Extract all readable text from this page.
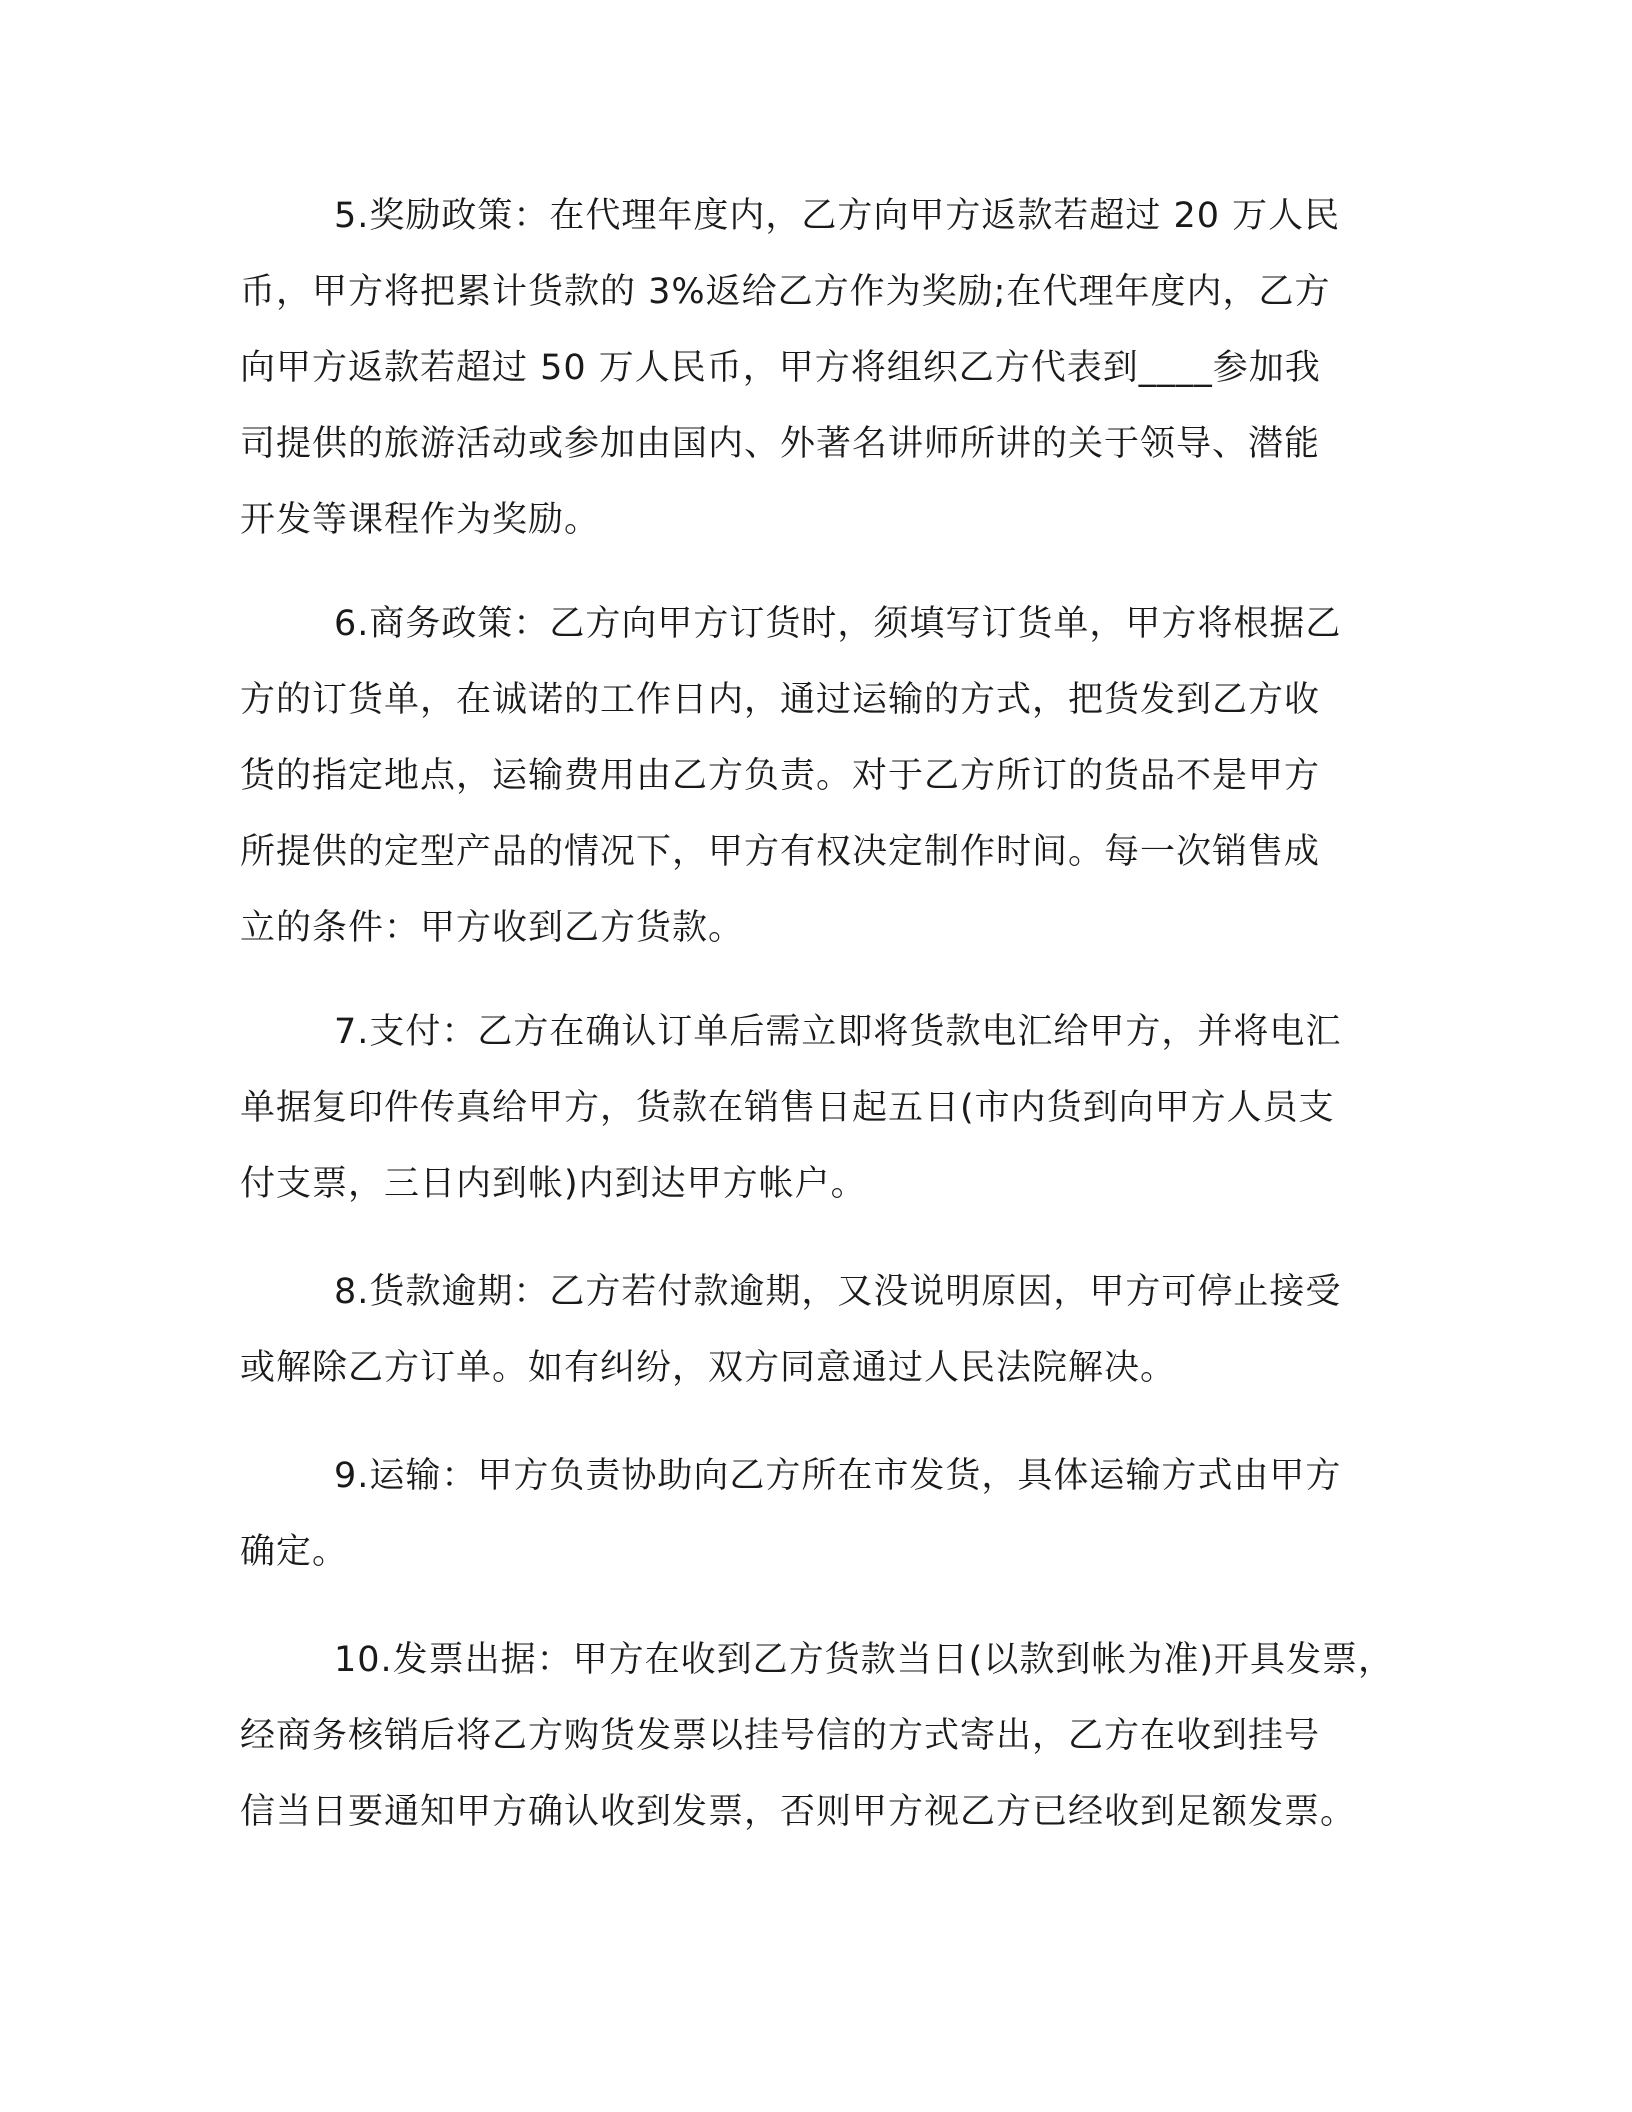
5.奖励政策：在代理年度内，乙方向甲方返款若超过 20 万人民
币，甲方将把累计货款的 3%返给乙方作为奖励;在代理年度内，乙方
向甲方返款若超过 50 万人民币，甲方将组织乙方代表到____参加我
司提供的旅游活动或参加由国内、外著名讲师所讲的关于领导、潜能
开发等课程作为奖励。
6.商务政策：乙方向甲方订货时，须填写订货单，甲方将根据乙
方的订货单，在诚诺的工作日内，通过运输的方式，把货发到乙方收
货的指定地点，运输费用由乙方负责。对于乙方所订的货品不是甲方
所提供的定型产品的情况下，甲方有权决定制作时间。每一次销售成
立的条件：甲方收到乙方货款。
7.支付：乙方在确认订单后需立即将货款电汇给甲方，并将电汇
单据复印件传真给甲方，货款在销售日起五日(市内货到向甲方人员支
付支票，三日内到帐)内到达甲方帐户。
8.货款逾期：乙方若付款逾期，又没说明原因，甲方可停止接受
或解除乙方订单。如有纠纷，双方同意通过人民法院解决。
9.运输：甲方负责协助向乙方所在市发货，具体运输方式由甲方
确定。
10.发票出据：甲方在收到乙方货款当日(以款到帐为准)开具发票，
经商务核销后将乙方购货发票以挂号信的方式寄出，乙方在收到挂号
信当日要通知甲方确认收到发票，否则甲方视乙方已经收到足额发票。
